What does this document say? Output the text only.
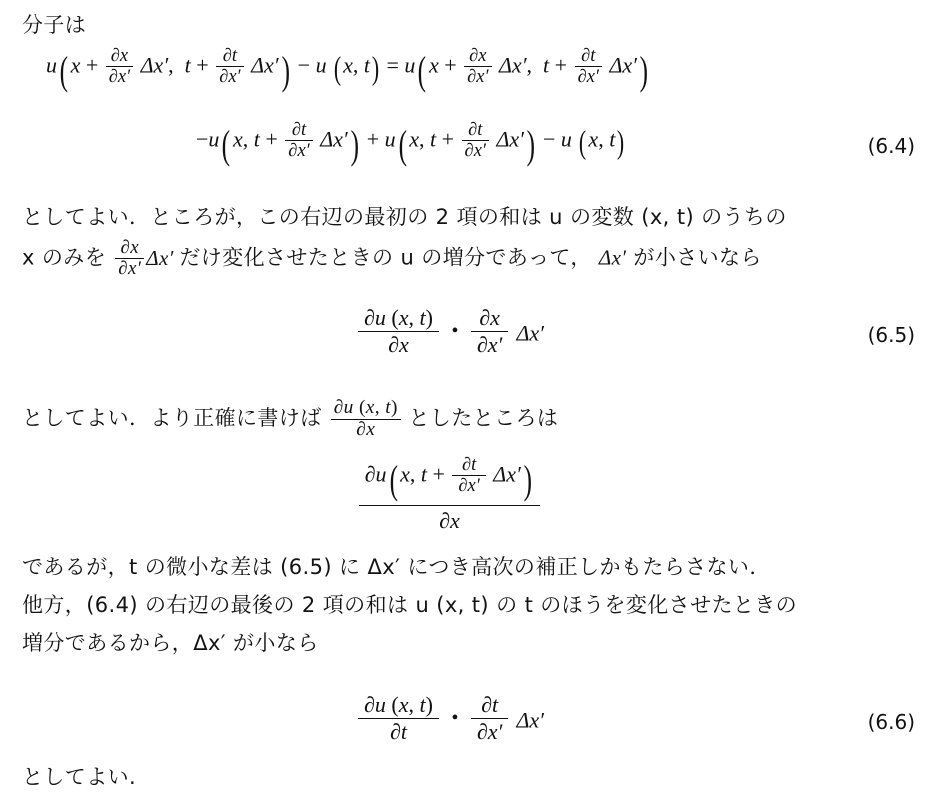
分子は
u( $x + \frac{\partial x}{\partial x'} \Delta x'$, $t + \frac{\partial t}{\partial x'} \Delta x') - u$ (x, t) = u( $x + \frac{\partial x}{\partial x'} \Delta x'$, $t + \frac{\partial t}{\partial x'} \Delta x'$)
−u( x, $t + \frac{\partial t}{\partial x'} \Delta x') + u$( x, $t + \frac{\partial t}{\partial x'} \Delta x') - u$ (x, t)	(6.4)
としてよい．ところが，この右辺の最初の 2 項の和は u の変数 (x, t) のうちの
x のみを $\frac{\partial x}{\partial x'} \Delta x'$ だけ変化させたときの u の増分であって， Δx′ が小さいなら
$\frac{\partial u (x, t)}{\partial x}$ • $\frac{\partial x}{\partial x'} \Delta x'$	(6.5)
としてよい．より正確に書けば $\frac{\partial u (x, t)}{\partial x}$ としたところは
$\frac{\partial u( x, t + \frac{\partial t}{\partial x'} \Delta x')}{\partial x}$
であるが，t の微小な差は (6.5) に Δx′ につき高次の補正しかもたらさない．
他方，(6.4) の右辺の最後の 2 項の和は u (x, t) の t のほうを変化させたときの
増分であるから，Δx′ が小なら
$\frac{\partial u (x, t)}{\partial t}$ • $\frac{\partial t}{\partial x'} \Delta x'$	(6.6)
としてよい.
